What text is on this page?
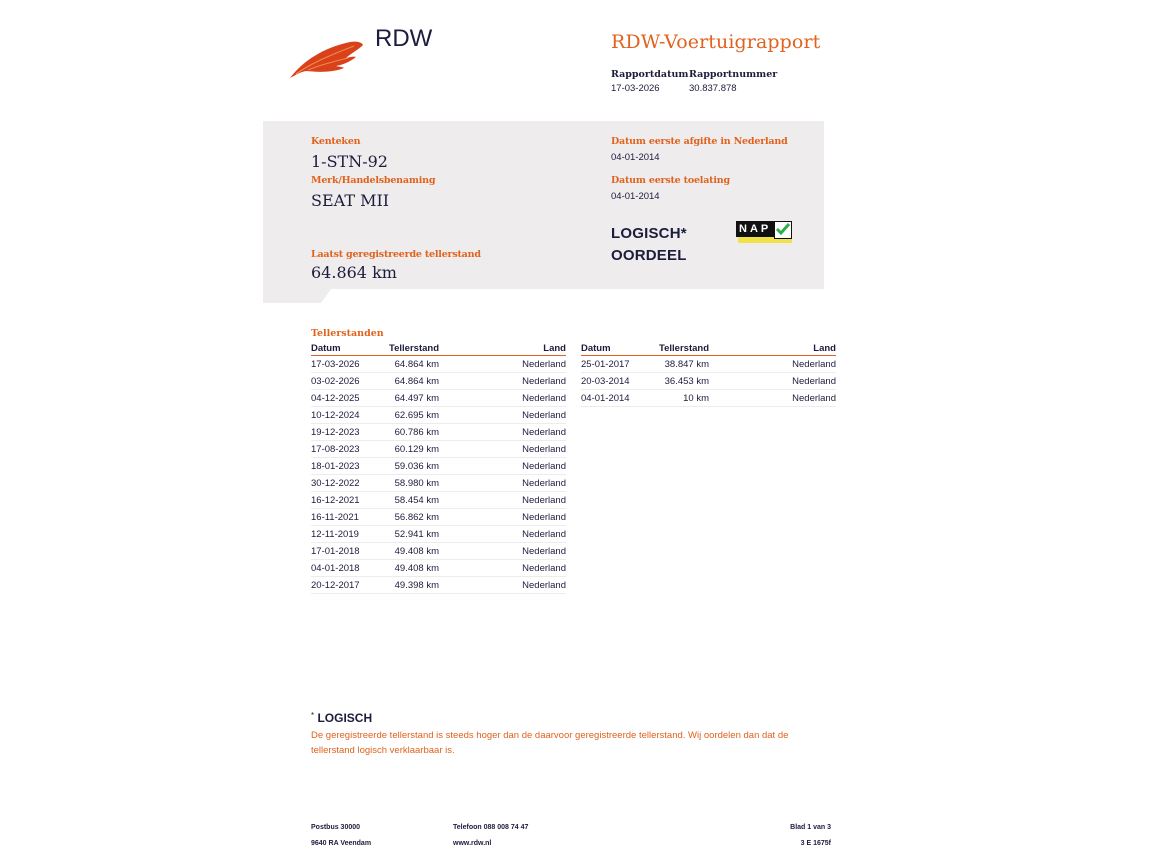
RDW	RDW-Voertuigrapport
Rapportdatum
17-03-2026
Rapportnummer
30.837.878
Kenteken
1-STN-92
Merk/Handelsbenaming
SEAT MII
Laatst geregistreerde tellerstand
64.864 km
Datum eerste afgifte in Nederland
04-01-2014
Datum eerste toelating
04-01-2014
LOGISCH*
OORDEEL
NAP
Tellerstanden
Datum	Tellerstand	Land
17-03-2026	64.864 km	Nederland
03-02-2026	64.864 km	Nederland
04-12-2025	64.497 km	Nederland
10-12-2024	62.695 km	Nederland
19-12-2023	60.786 km	Nederland
17-08-2023	60.129 km	Nederland
18-01-2023	59.036 km	Nederland
30-12-2022	58.980 km	Nederland
16-12-2021	58.454 km	Nederland
16-11-2021	56.862 km	Nederland
12-11-2019	52.941 km	Nederland
17-01-2018	49.408 km	Nederland
04-01-2018	49.408 km	Nederland
20-12-2017	49.398 km	Nederland
Datum	Tellerstand	Land
25-01-2017	38.847 km	Nederland
20-03-2014	36.453 km	Nederland
04-01-2014	10 km	Nederland
* LOGISCH
De geregistreerde tellerstand is steeds hoger dan de daarvoor geregistreerde tellerstand. Wij oordelen dan dat de tellerstand logisch verklaarbaar is.
Postbus 30000
9640 RA Veendam
Telefoon 088 008 74 47
www.rdw.nl
Blad 1 van 3
3 E 1675f
